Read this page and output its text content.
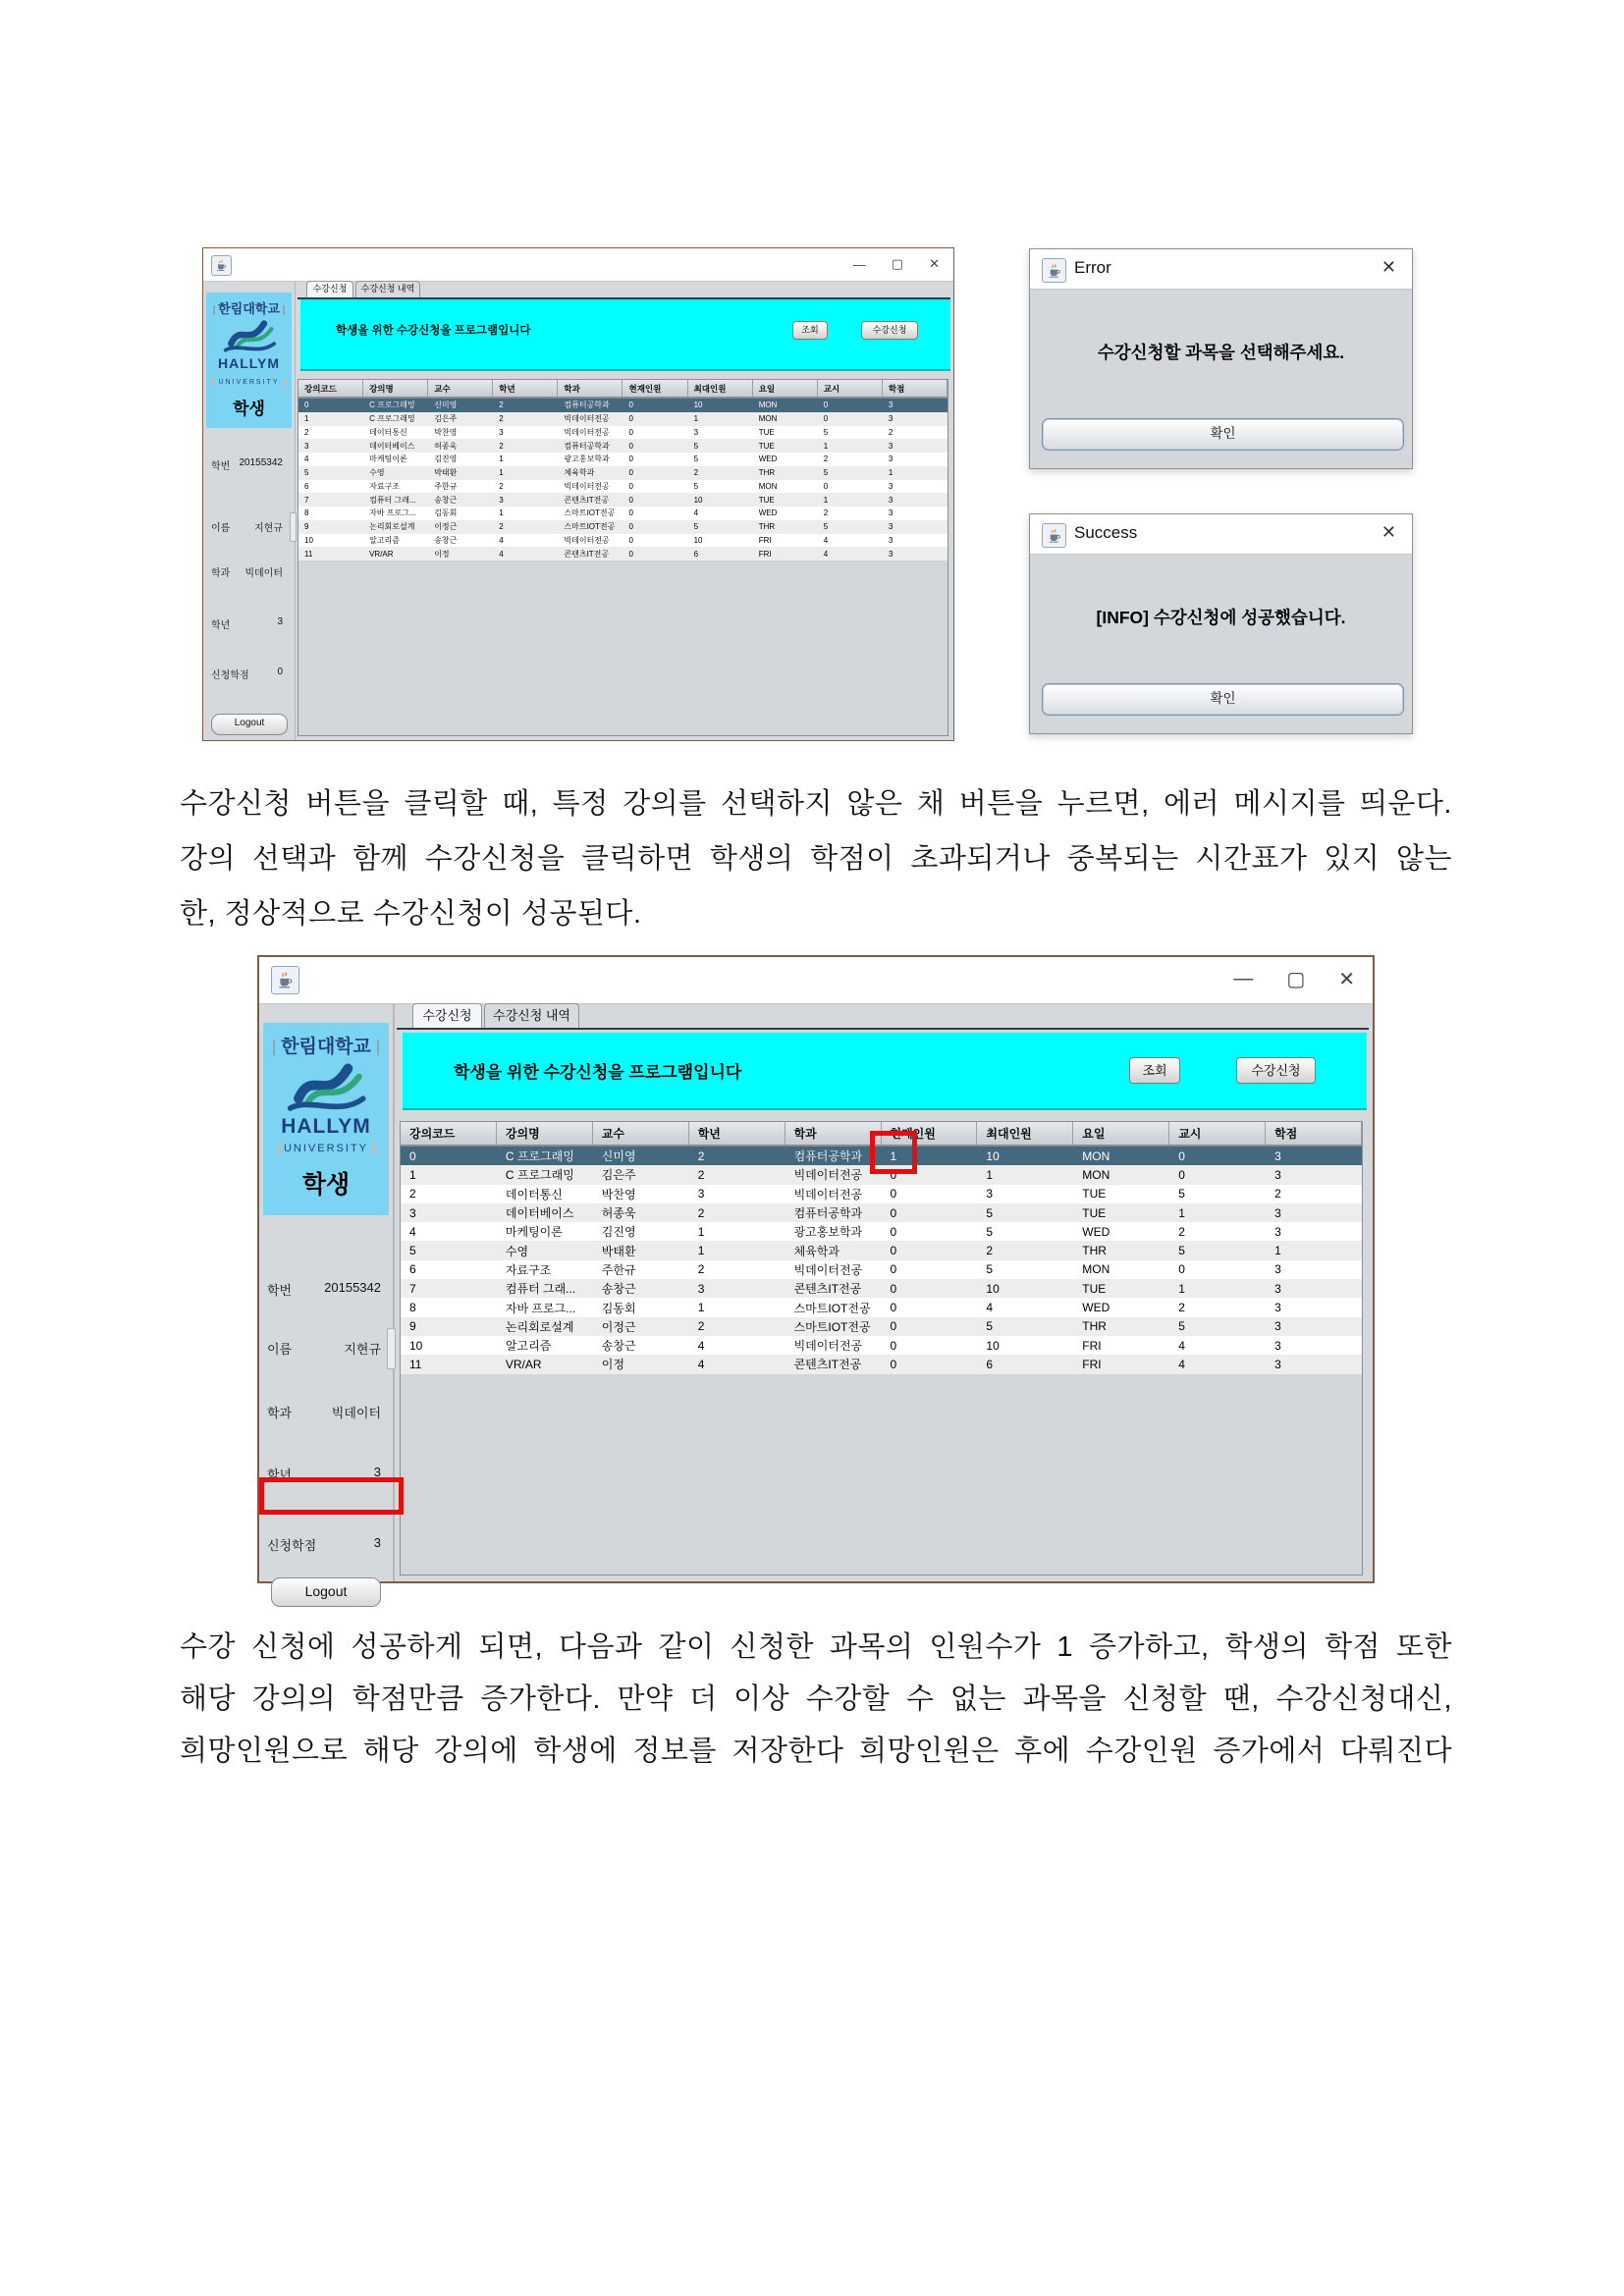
— ▢ ✕
한림대학교
HALLYM
UNIVERSITY
학생
학번 20155342
이름 지현규
학과 빅데이터
학년	3
신청학점	0
Logout
수강신청	수강신청 내역
학생을 위한 수강신청을 프로그램입니다	조회	수강신청
강의코드	강의명	교수	학년	학과	현재인원	최대인원	요일	교시	학점
0	C 프로그래밍	신미영	2	컴퓨터공학과	0	10	MON	0	3
1	C 프로그래밍	김은주	2	빅데이터전공	0	1	MON	0	3
2	데이터통신	박찬영	3	빅데이터전공	0	3	TUE	5	2
3	데이터베이스	허종욱	2	컴퓨터공학과	0	5	TUE	1	3
4	마케팅이론	김진영	1	광고홍보학과	0	5	WED	2	3
5	수영	박태환	1	체육학과	0	2	THR	5	1
6	자료구조	주한규	2	빅데이터전공	0	5	MON	0	3
7	컴퓨터 그래...	송창근	3	콘텐츠IT전공	0	10	TUE	1	3
8	자바 프로그...	김동회	1	스마트IOT전공	0	4	WED	2	3
9	논리회로설계	이정근	2	스마트IOT전공	0	5	THR	5	3
10	알고리즘	송창근	4	빅데이터전공	0	10	FRI	4	3
11	VR/AR	이정	4	콘텐츠IT전공	0	6	FRI	4	3
Error	✕
수강신청할 과목을 선택해주세요.
확인
Success	✕
[INFO] 수강신청에 성공했습니다.
확인
수강신청 버튼을 클릭할 때, 특정 강의를 선택하지 않은 채 버튼을 누르면, 에러 메시지를 띄운다.
강의 선택과 함께 수강신청을 클릭하면 학생의 학점이 초과되거나 중복되는 시간표가 있지 않는
한, 정상적으로 수강신청이 성공된다.
— ▢ ✕
한림대학교
HALLYM
UNIVERSITY
학생
학번	20155342
이름	지현규
학과	빅데이터
학년	3
신청학점	3
Logout
수강신청	수강신청 내역
학생을 위한 수강신청을 프로그램입니다	조회	수강신청
강의코드	강의명	교수	학년	학과	현재인원	최대인원	요일	교시	학점
0	C 프로그래밍	신미영	2	컴퓨터공학과	1	10	MON	0	3
1	C 프로그래밍	김은주	2	빅데이터전공	0	1	MON	0	3
2	데이터통신	박찬영	3	빅데이터전공	0	3	TUE	5	2
3	데이터베이스	허종욱	2	컴퓨터공학과	0	5	TUE	1	3
4	마케팅이론	김진영	1	광고홍보학과	0	5	WED	2	3
5	수영	박태환	1	체육학과	0	2	THR	5	1
6	자료구조	주한규	2	빅데이터전공	0	5	MON	0	3
7	컴퓨터 그래...	송창근	3	콘텐츠IT전공	0	10	TUE	1	3
8	자바 프로그...	김동회	1	스마트IOT전공	0	4	WED	2	3
9	논리회로설계	이정근	2	스마트IOT전공	0	5	THR	5	3
10	알고리즘	송창근	4	빅데이터전공	0	10	FRI	4	3
11	VR/AR	이정	4	콘텐츠IT전공	0	6	FRI	4	3
수강 신청에 성공하게 되면, 다음과 같이 신청한 과목의 인원수가 1 증가하고, 학생의 학점 또한
해당 강의의 학점만큼 증가한다. 만약 더 이상 수강할 수 없는 과목을 신청할 땐, 수강신청대신,
희망인원으로 해당 강의에 학생에 정보를 저장한다 희망인원은 후에 수강인원 증가에서 다뤄진다
